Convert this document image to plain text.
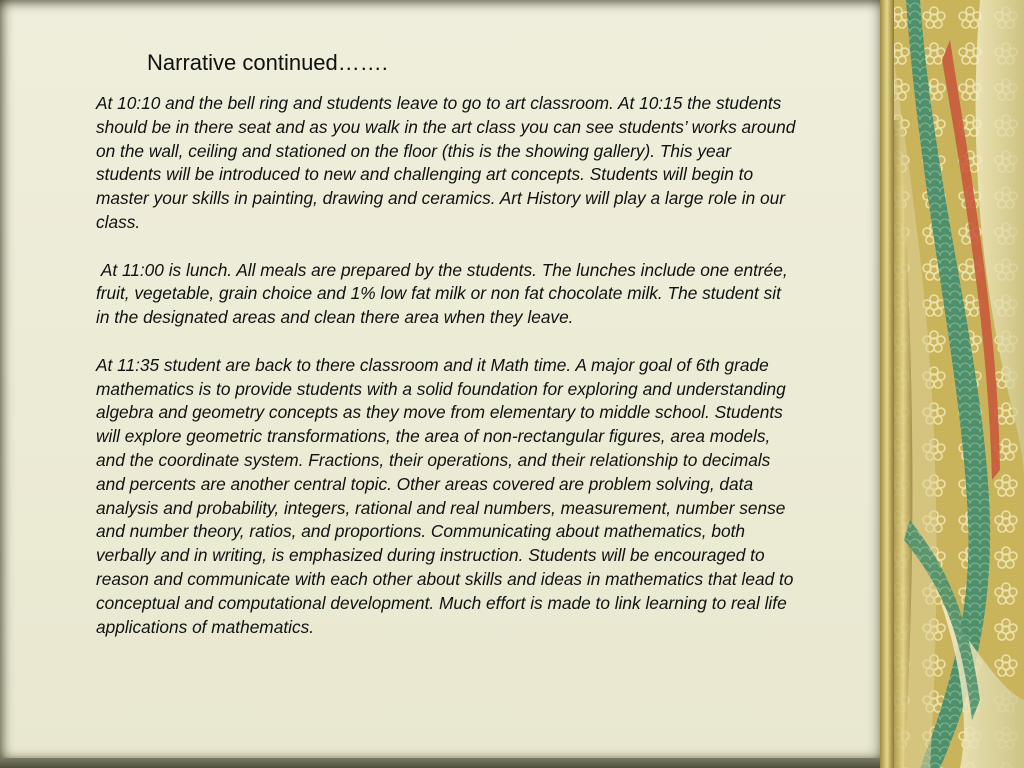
Narrative continued…….

At 10:10 and the bell ring and students leave to go to art classroom. At 10:15 the students should be in there seat and as you walk in the art class you can see students’ works around on the wall, ceiling and stationed on the floor (this is the showing gallery). This year students will be introduced to new and challenging art concepts. Students will begin to master your skills in painting, drawing and ceramics. Art History will play a large role in our class.

At 11:00 is lunch. All meals are prepared by the students. The lunches include one entrée, fruit, vegetable, grain choice and 1% low fat milk or non fat chocolate milk. The student sit in the designated areas and clean there area when they leave.

At 11:35 student are back to there classroom and it Math time. A major goal of 6th grade mathematics is to provide students with a solid foundation for exploring and understanding algebra and geometry concepts as they move from elementary to middle school. Students will explore geometric transformations, the area of non-rectangular figures, area models, and the coordinate system. Fractions, their operations, and their relationship to decimals and percents are another central topic. Other areas covered are problem solving, data analysis and probability, integers, rational and real numbers, measurement, number sense and number theory, ratios, and proportions. Communicating about mathematics, both verbally and in writing, is emphasized during instruction. Students will be encouraged to reason and communicate with each other about skills and ideas in mathematics that lead to conceptual and computational development. Much effort is made to link learning to real life applications of mathematics.
